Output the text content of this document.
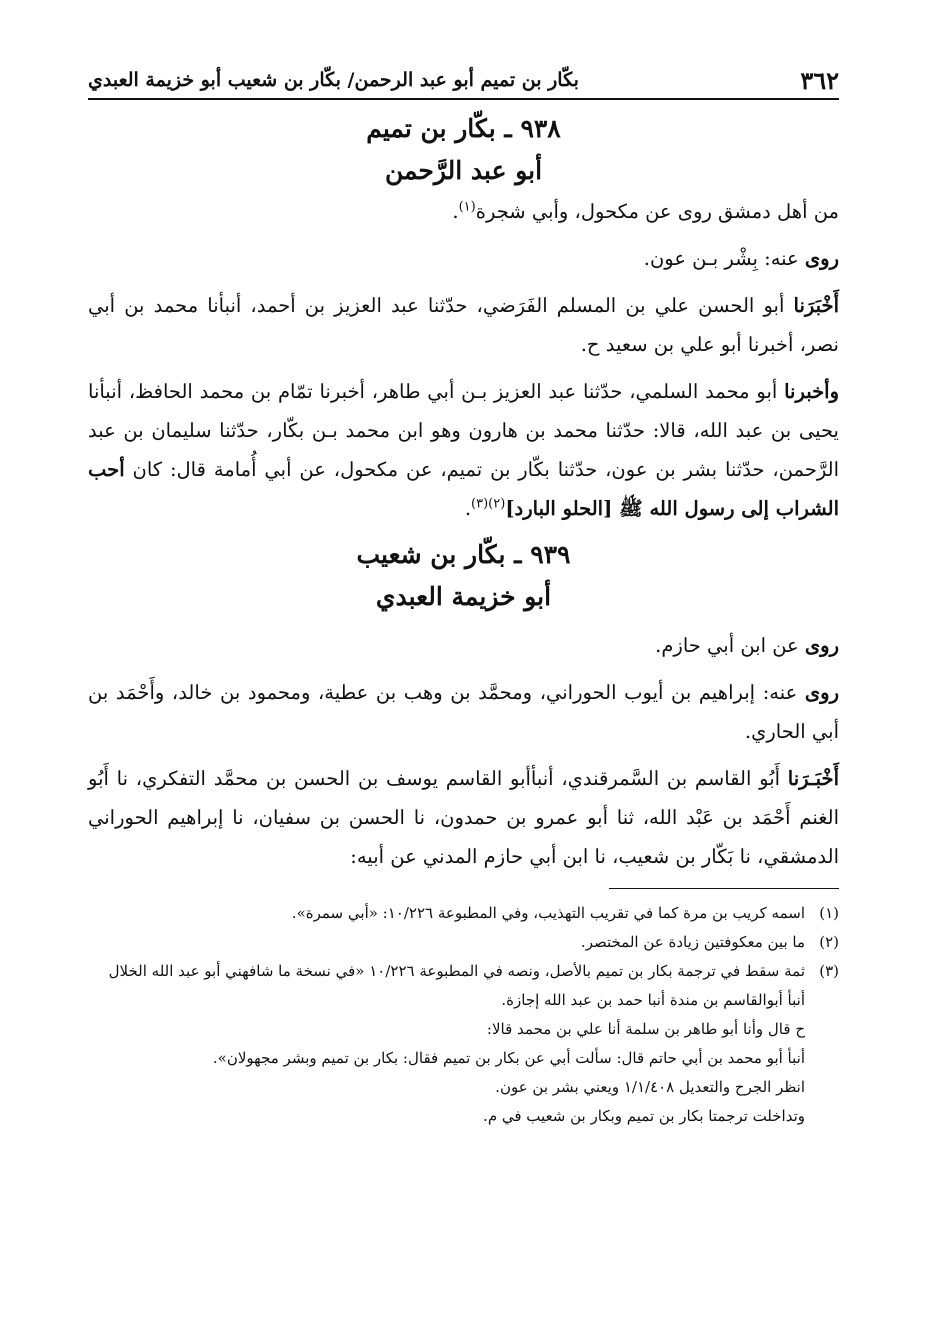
٣٦٢
بكّار بن تميم أبو عبد الرحمن/ بكّار بن شعيب أبو خزيمة العبدي
٩٣٨ ـ بكّار بن تميم
أبو عبد الرَّحمن

من أهل دمشق روى عن مكحول، وأبي شجرة$^{(١)}$.

روى عنه: بِشْر بـن عون.

أَخْبَرَنا أبو الحسن علي بن المسلم الفَرَضي، حدّثنا عبد العزيز بن أحمد، أنبأنا محمد بن أبي نصر، أخبرنا أبو علي بن سعيد ح.

وأخبرنا أبو محمد السلمي، حدّثنا عبد العزيز بـن أبي طاهر، أخبرنا تمّام بن محمد الحافظ، أنبأنا يحيى بن عبد الله، قالا: حدّثنا محمد بن هارون وهو ابن محمد بـن بكّار، حدّثنا سليمان بن عبد الرَّحمن، حدّثنا بشر بن عون، حدّثنا بكّار بن تميم، عن مكحول، عن أبي أُمامة قال: كان أحب الشراب إلى رسول الله ﷺ [الحلو البارد]$^{(٢)(٣)}$.

٩٣٩ ـ بكّار بن شعيب
أبو خزيمة العبدي

روى عن ابن أبي حازم.

روى عنه: إبراهيم بن أيوب الحوراني، ومحمَّد بن وهب بن عطية، ومحمود بن خالد، وأَحْمَد بن أبي الحاري.

أَخْبَـرَنا أَبُو القاسم بن السَّمرقندي، أنبأأبو القاسم يوسف بن الحسن بن محمَّد التفكري، نا أَبُو الغنم أَحْمَد بن عَبْد الله، ثنا أبو عمرو بن حمدون، نا الحسن بن سفيان، نا إبراهيم الحوراني الدمشقي، نا بَكّار بن شعيب، نا ابن أبي حازم المدني عن أبيه:

(١)
اسمه كريب بن مرة كما في تقريب التهذيب، وفي المطبوعة ١٠/٢٢٦: «أبي سمرة».
(٢)
ما بين معكوفتين زيادة عن المختصر.
(٣)
ثمة سقط في ترجمة بكار بن تميم بالأصل، ونصه في المطبوعة ١٠/٢٢٦ «في نسخة ما شافهني أبو عبد الله الخلال أنبأ أبوالقاسم بن مندة أنبا حمد بن عبد الله إجازة.
ح قال وأنا أبو طاهر بن سلمة أنا علي بن محمد قالا:
أنبأ أبو محمد بن أبي حاتم قال: سألت أبي عن بكار بن تميم فقال: بكار بن تميم وبشر مجهولان».
انظر الجرح والتعديل ١/١/٤٠٨ ويعني بشر بن عون.
وتداخلت ترجمتا بكار بن تميم وبكار بن شعيب في م.
